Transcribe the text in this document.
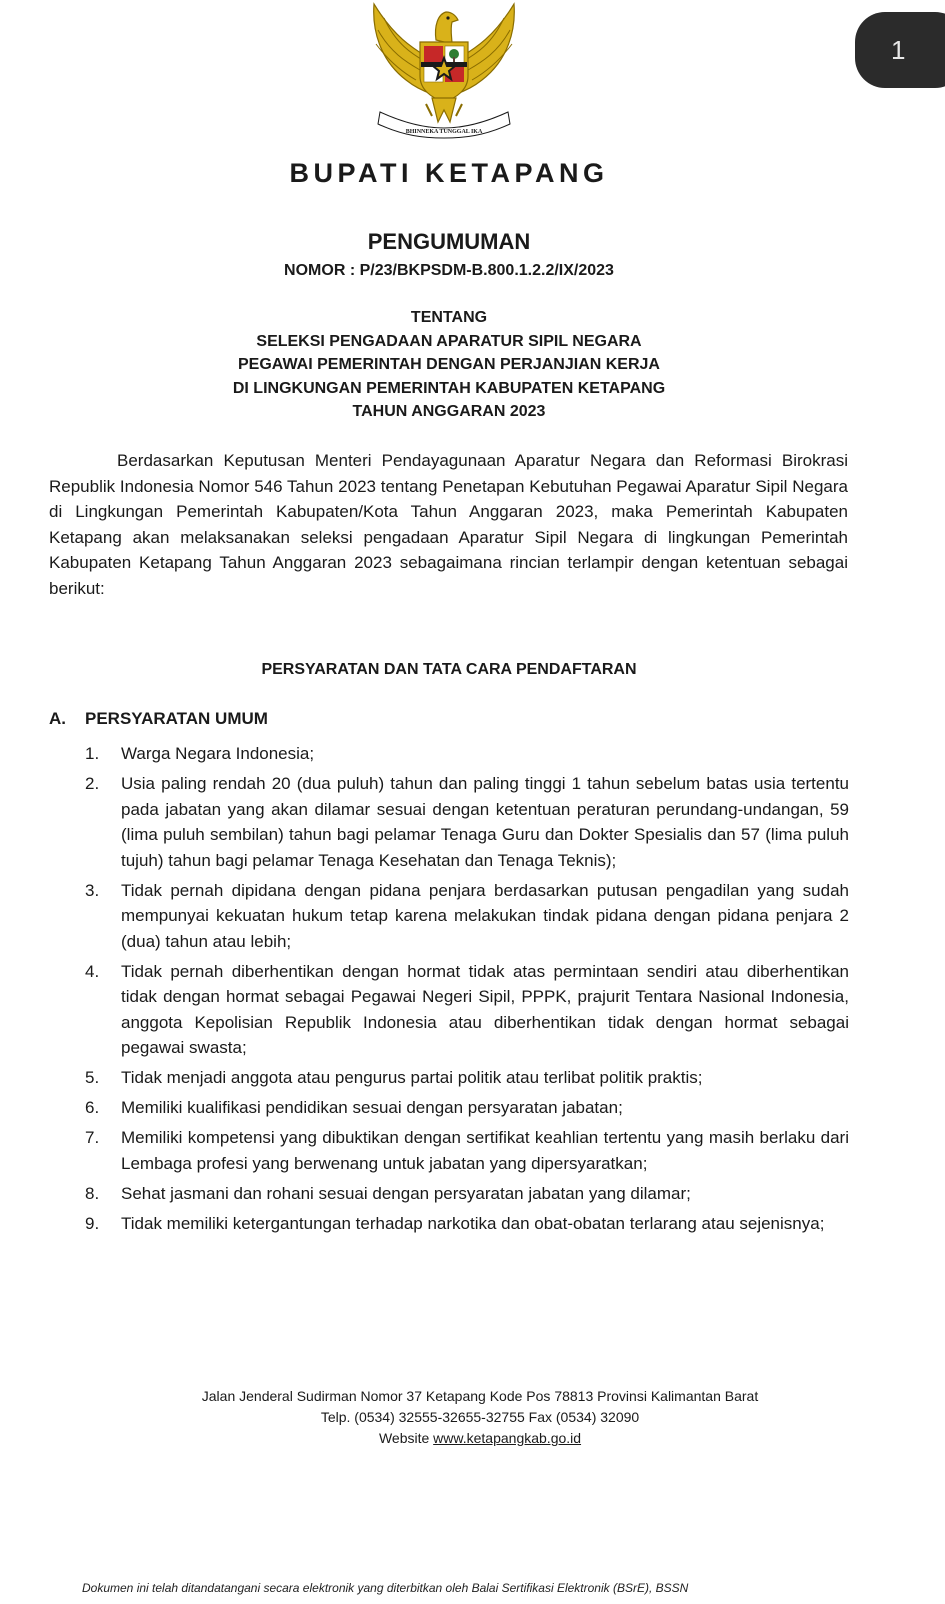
1
BHINNEKA TUNGGAL IKA
BUPATI KETAPANG
PENGUMUMAN
NOMOR : P/23/BKPSDM-B.800.1.2.2/IX/2023
TENTANG
SELEKSI PENGADAAN APARATUR SIPIL NEGARA
PEGAWAI PEMERINTAH DENGAN PERJANJIAN KERJA
DI LINGKUNGAN PEMERINTAH KABUPATEN KETAPANG
TAHUN ANGGARAN 2023

Berdasarkan Keputusan Menteri Pendayagunaan Aparatur Negara dan Reformasi Birokrasi Republik Indonesia Nomor 546 Tahun 2023 tentang Penetapan Kebutuhan Pegawai Aparatur Sipil Negara di Lingkungan Pemerintah Kabupaten/Kota Tahun Anggaran 2023, maka Pemerintah Kabupaten Ketapang akan melaksanakan seleksi pengadaan Aparatur Sipil Negara di lingkungan Pemerintah Kabupaten Ketapang Tahun Anggaran 2023 sebagaimana rincian terlampir dengan ketentuan sebagai berikut:

PERSYARATAN DAN TATA CARA PENDAFTARAN
A. PERSYARATAN UMUM
1. Warga Negara Indonesia;
2. Usia paling rendah 20 (dua puluh) tahun dan paling tinggi 1 tahun sebelum batas usia tertentu pada jabatan yang akan dilamar sesuai dengan ketentuan peraturan perundang-undangan, 59 (lima puluh sembilan) tahun bagi pelamar Tenaga Guru dan Dokter Spesialis dan 57 (lima puluh tujuh) tahun bagi pelamar Tenaga Kesehatan dan Tenaga Teknis);
3. Tidak pernah dipidana dengan pidana penjara berdasarkan putusan pengadilan yang sudah mempunyai kekuatan hukum tetap karena melakukan tindak pidana dengan pidana penjara 2 (dua) tahun atau lebih;
4. Tidak pernah diberhentikan dengan hormat tidak atas permintaan sendiri atau diberhentikan tidak dengan hormat sebagai Pegawai Negeri Sipil, PPPK, prajurit Tentara Nasional Indonesia, anggota Kepolisian Republik Indonesia atau diberhentikan tidak dengan hormat sebagai pegawai swasta;
5. Tidak menjadi anggota atau pengurus partai politik atau terlibat politik praktis;
6. Memiliki kualifikasi pendidikan sesuai dengan persyaratan jabatan;
7. Memiliki kompetensi yang dibuktikan dengan sertifikat keahlian tertentu yang masih berlaku dari Lembaga profesi yang berwenang untuk jabatan yang dipersyaratkan;
8. Sehat jasmani dan rohani sesuai dengan persyaratan jabatan yang dilamar;
9. Tidak memiliki ketergantungan terhadap narkotika dan obat-obatan terlarang atau sejenisnya;
Jalan Jenderal Sudirman Nomor 37 Ketapang Kode Pos 78813 Provinsi Kalimantan Barat
Telp. (0534) 32555-32655-32755 Fax (0534) 32090
Website www.ketapangkab.go.id
Dokumen ini telah ditandatangani secara elektronik yang diterbitkan oleh Balai Sertifikasi Elektronik (BSrE), BSSN
